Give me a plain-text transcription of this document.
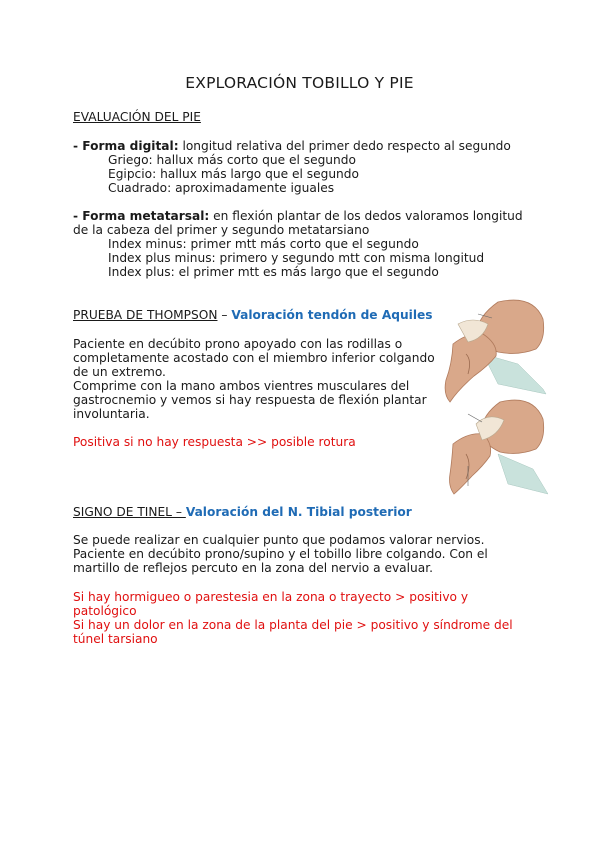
EXPLORACIÓN TOBILLO Y PIE
EVALUACIÓN DEL PIE
- Forma digital: longitud relativa del primer dedo respecto al segundo
Griego: hallux más corto que el segundo
Egipcio: hallux más largo que el segundo
Cuadrado: aproximadamente iguales
- Forma metatarsal: en flexión plantar de los dedos valoramos longitud
de la cabeza del primer y segundo metatarsiano
Index minus: primer mtt más corto que el segundo
Index plus minus: primero y segundo mtt con misma longitud
Index plus: el primer mtt es más largo que el segundo
PRUEBA DE THOMPSON – Valoración tendón de Aquiles
Paciente en decúbito prono apoyado con las rodillas o
completamente acostado con el miembro inferior colgando
de un extremo.
Comprime con la mano ambos vientres musculares del
gastrocnemio y vemos si hay respuesta de flexión plantar
involuntaria.
Positiva si no hay respuesta >> posible rotura
SIGNO DE TINEL – Valoración del N. Tibial posterior
Se puede realizar en cualquier punto que podamos valorar nervios.
Paciente en decúbito prono/supino y el tobillo libre colgando. Con el
martillo de reflejos percuto en la zona del nervio a evaluar.
Si hay hormigueo o parestesia en la zona o trayecto > positivo y
patológico
Si hay un dolor en la zona de la planta del pie > positivo y síndrome del
túnel tarsiano
